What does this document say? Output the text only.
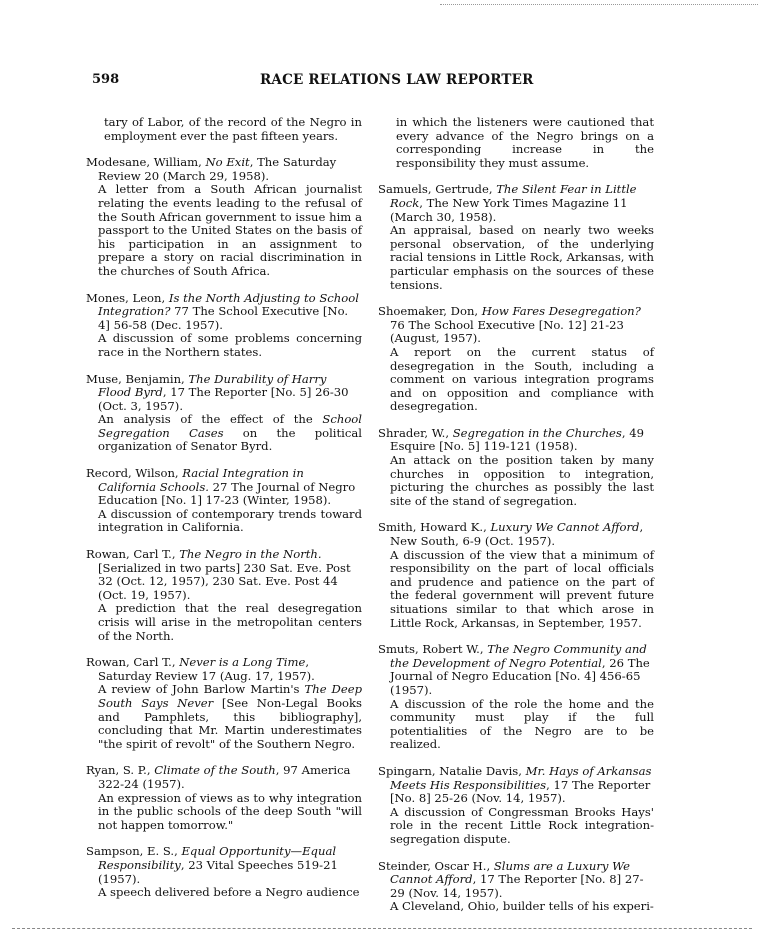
598	RACE RELATIONS LAW REPORTER

tary of Labor, of the record of the Negro in employment ever the past fifteen years.

Modesane, William, No Exit, The Saturday Review 20 (March 29, 1958).

A letter from a South African journalist relating the events leading to the refusal of the South African government to issue him a passport to the United States on the basis of his participation in an assignment to prepare a story on racial discrimination in the churches of South Africa.

Mones, Leon, Is the North Adjusting to School Integration? 77 The School Executive [No. 4] 56-58 (Dec. 1957).

A discussion of some problems concerning race in the Northern states.

Muse, Benjamin, The Durability of Harry Flood Byrd, 17 The Reporter [No. 5] 26-30 (Oct. 3, 1957).

An analysis of the effect of the School Segregation Cases on the political organization of Senator Byrd.

Record, Wilson, Racial Integration in California Schools. 27 The Journal of Negro Education [No. 1] 17-23 (Winter, 1958).

A discussion of contemporary trends toward integration in California.

Rowan, Carl T., The Negro in the North. [Serialized in two parts] 230 Sat. Eve. Post 32 (Oct. 12, 1957), 230 Sat. Eve. Post 44 (Oct. 19, 1957).

A prediction that the real desegregation crisis will arise in the metropolitan centers of the North.

Rowan, Carl T., Never is a Long Time, Saturday Review 17 (Aug. 17, 1957).

A review of John Barlow Martin's The Deep South Says Never [See Non-Legal Books and Pamphlets, this bibliography], concluding that Mr. Martin underestimates "the spirit of revolt" of the Southern Negro.

Ryan, S. P., Climate of the South, 97 America 322-24 (1957).

An expression of views as to why integration in the public schools of the deep South "will not happen tomorrow."

Sampson, E. S., Equal Opportunity—Equal Responsibility, 23 Vital Speeches 519-21 (1957).

A speech delivered before a Negro audience

in which the listeners were cautioned that every advance of the Negro brings on a corresponding increase in the responsibility they must assume.

Samuels, Gertrude, The Silent Fear in Little Rock, The New York Times Magazine 11 (March 30, 1958).

An appraisal, based on nearly two weeks personal observation, of the underlying racial tensions in Little Rock, Arkansas, with particular emphasis on the sources of these tensions.

Shoemaker, Don, How Fares Desegregation? 76 The School Executive [No. 12] 21-23 (August, 1957).

A report on the current status of desegregation in the South, including a comment on various integration programs and on opposition and compliance with desegregation.

Shrader, W., Segregation in the Churches, 49 Esquire [No. 5] 119-121 (1958).

An attack on the position taken by many churches in opposition to integration, picturing the churches as possibly the last site of the stand of segregation.

Smith, Howard K., Luxury We Cannot Afford, New South, 6-9 (Oct. 1957).

A discussion of the view that a minimum of responsibility on the part of local officials and prudence and patience on the part of the federal government will prevent future situations similar to that which arose in Little Rock, Arkansas, in September, 1957.

Smuts, Robert W., The Negro Community and the Development of Negro Potential, 26 The Journal of Negro Education [No. 4] 456-65 (1957).

A discussion of the role the home and the community must play if the full potentialities of the Negro are to be realized.

Spingarn, Natalie Davis, Mr. Hays of Arkansas Meets His Responsibilities, 17 The Reporter [No. 8] 25-26 (Nov. 14, 1957).

A discussion of Congressman Brooks Hays' role in the recent Little Rock integration-segregation dispute.

Steinder, Oscar H., Slums are a Luxury We Cannot Afford, 17 The Reporter [No. 8] 27-29 (Nov. 14, 1957).

A Cleveland, Ohio, builder tells of his experi-
